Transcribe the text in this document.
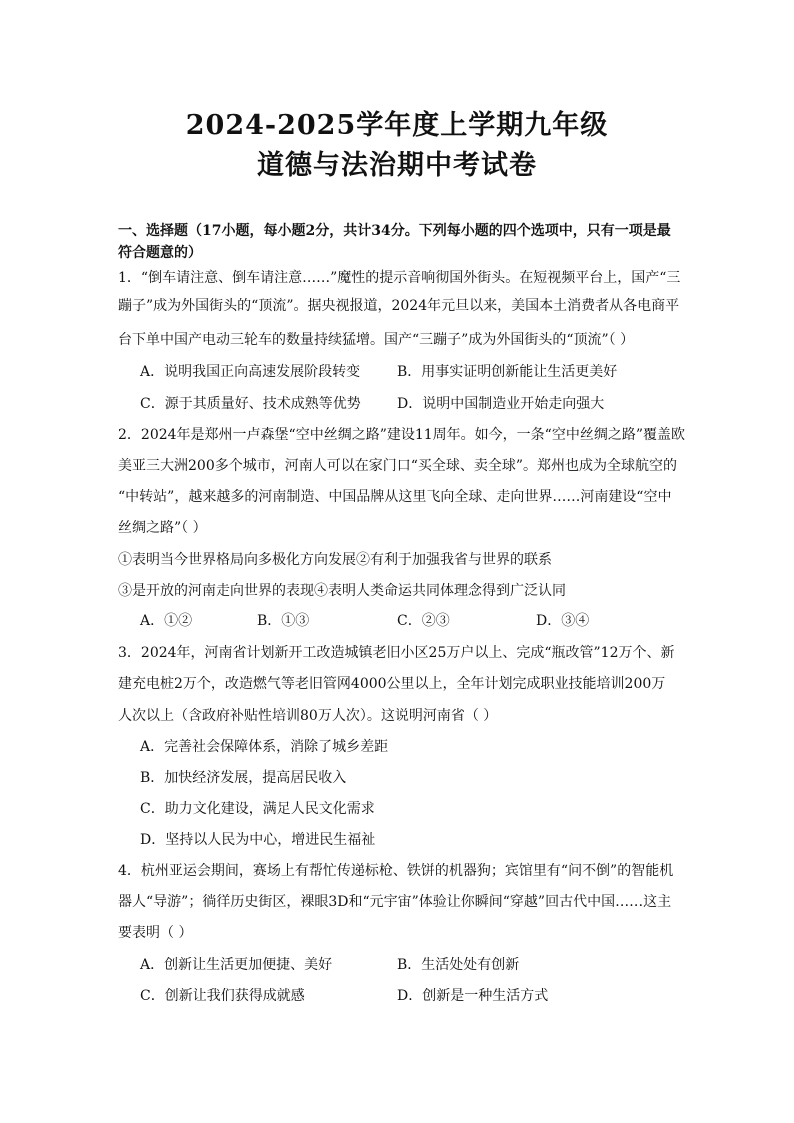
2024-2025学年度上学期九年级
道德与法治期中考试卷
一、选择题（17小题，每小题2分，共计34分。下列每小题的四个选项中，只有一项是最
符合题意的）
1．“倒车请注意、倒车请注意……”魔性的提示音响彻国外街头。在短视频平台上，国产“三
蹦子”成为外国街头的“顶流”。据央视报道，2024年元旦以来，美国本土消费者从各电商平
台下单中国产电动三轮车的数量持续猛增。国产“三蹦子”成为外国街头的“顶流”（ ）
A．说明我国正向高速发展阶段转变	B．用事实证明创新能让生活更美好
C．源于其质量好、技术成熟等优势	D．说明中国制造业开始走向强大
2．2024年是郑州一卢森堡“空中丝绸之路”建设11周年。如今，一条“空中丝绸之路”覆盖欧
美亚三大洲200多个城市，河南人可以在家门口“买全球、卖全球”。郑州也成为全球航空的
“中转站”，越来越多的河南制造、中国品牌从这里飞向全球、走向世界……河南建设“空中
丝绸之路”（ ）
①表明当今世界格局向多极化方向发展②有利于加强我省与世界的联系
③是开放的河南走向世界的表现④表明人类命运共同体理念得到广泛认同
A．①②	B．①③	C．②③	D．③④
3．2024年，河南省计划新开工改造城镇老旧小区25万户以上、完成“瓶改管”12万个、新
建充电桩2万个，改造燃气等老旧管网4000公里以上，全年计划完成职业技能培训200万
人次以上（含政府补贴性培训80万人次）。这说明河南省（ ）
A．完善社会保障体系，消除了城乡差距
B．加快经济发展，提高居民收入
C．助力文化建设，满足人民文化需求
D．坚持以人民为中心，增进民生福祉
4．杭州亚运会期间，赛场上有帮忙传递标枪、铁饼的机器狗；宾馆里有“问不倒”的智能机
器人“导游”；徜徉历史街区，裸眼3D和“元宇宙”体验让你瞬间“穿越”回古代中国……这主
要表明（ ）
A．创新让生活更加便捷、美好	B．生活处处有创新
C．创新让我们获得成就感	D．创新是一种生活方式
